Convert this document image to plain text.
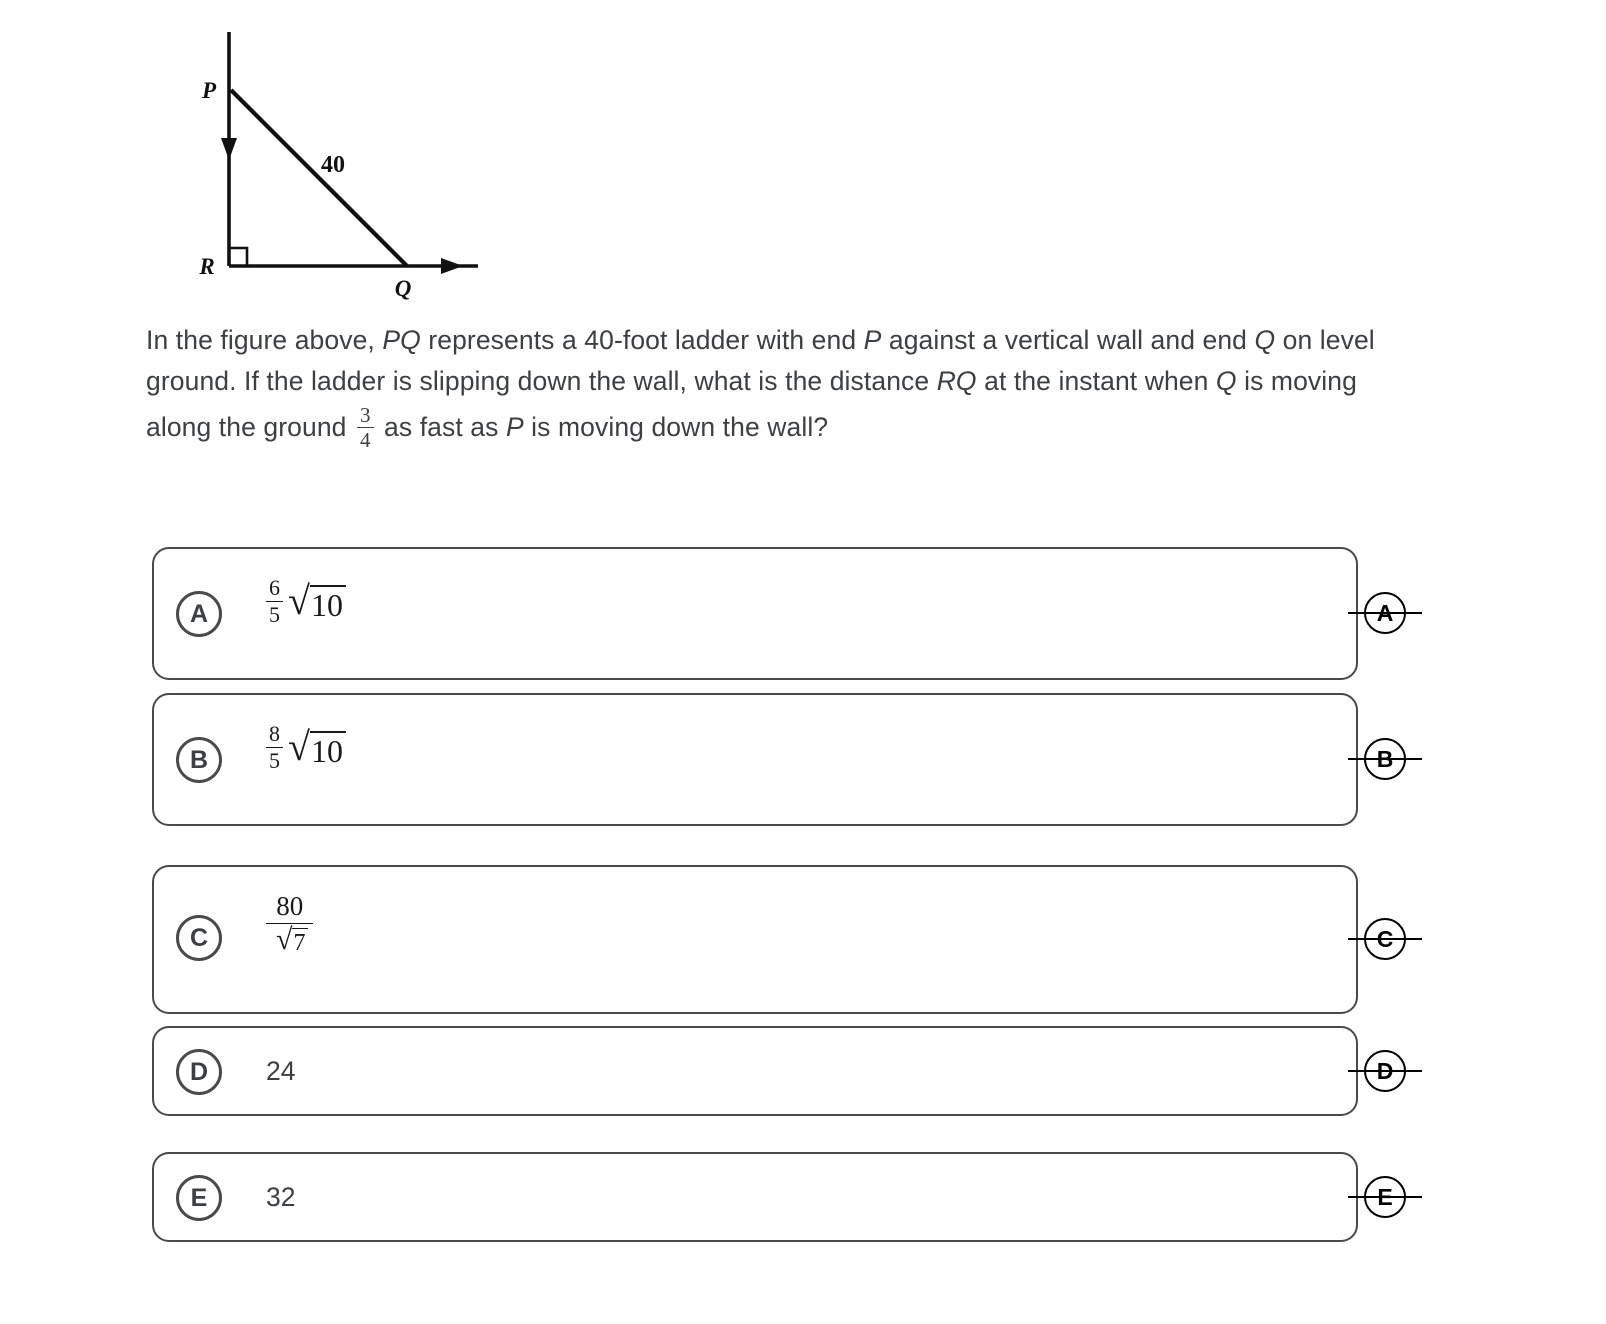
P
R
Q
40
In the figure above, PQ represents a 40-foot ladder with end P against a vertical wall and end Q on level ground. If the ladder is slipping down the wall, what is the distance RQ at the instant when Q is moving along the ground $\frac{3}{4}$ as fast as P is moving down the wall?
A	$\frac{6}{5}$ √ 10	A
B	$\frac{8}{5}$ √ 10	B
C	$\frac{80}{√ 7}$	C
D	24	D
E	32	E
